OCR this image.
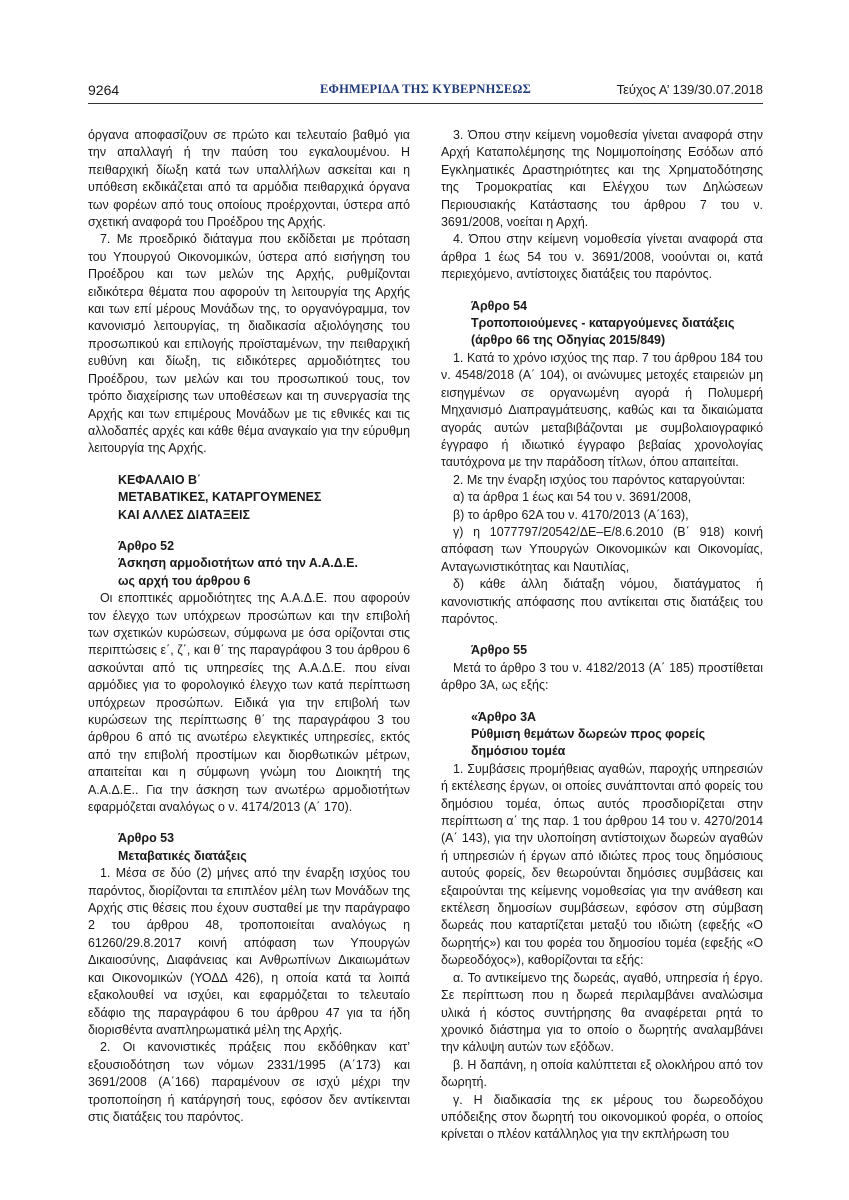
9264	ΕΦΗΜΕΡΙΔΑ ΤΗΣ ΚΥΒΕΡΝΗΣΕΩΣ	Τεύχος Α’ 139/30.07.2018

όργανα αποφασίζουν σε πρώτο και τελευταίο βαθμό για την απαλλαγή ή την παύση του εγκαλουμένου. Η πειθαρχική δίωξη κατά των υπαλλήλων ασκείται και η υπόθεση εκδικάζεται από τα αρμόδια πειθαρχικά όργανα των φορέων από τους οποίους προέρχονται, ύστερα από σχετική αναφορά του Προέδρου της Αρχής.

7. Με προεδρικό διάταγμα που εκδίδεται με πρόταση του Υπουργού Οικονομικών, ύστερα από εισήγηση του Προέδρου και των μελών της Αρχής, ρυθμίζονται ειδικότερα θέματα που αφορούν τη λειτουργία της Αρχής και των επί μέρους Μονάδων της, το οργανόγραμμα, τον κανονισμό λειτουργίας, τη διαδικασία αξιολόγησης του προσωπικού και επιλογής προϊσταμένων, την πειθαρχική ευθύνη και δίωξη, τις ειδικότερες αρμοδιότητες του Προέδρου, των μελών και του προσωπικού τους, τον τρόπο διαχείρισης των υποθέσεων και τη συνεργασία της Αρχής και των επιμέρους Μονάδων με τις εθνικές και τις αλλοδαπές αρχές και κάθε θέμα αναγκαίο για την εύρυθμη λειτουργία της Αρχής.

ΚΕΦΑΛΑΙΟ Β΄
ΜΕΤΑΒΑΤΙΚΕΣ, ΚΑΤΑΡΓΟΥΜΕΝΕΣ
ΚΑΙ ΑΛΛΕΣ ΔΙΑΤΑΞΕΙΣ
Άρθρο 52
Άσκηση αρμοδιοτήτων από την Α.Α.Δ.Ε.
ως αρχή του άρθρου 6

Οι εποπτικές αρμοδιότητες της Α.Α.Δ.Ε. που αφορούν τον έλεγχο των υπόχρεων προσώπων και την επιβολή των σχετικών κυρώσεων, σύμφωνα με όσα ορίζονται στις περιπτώσεις ε΄, ζ΄, και θ΄ της παραγράφου 3 του άρθρου 6 ασκούνται από τις υπηρεσίες της Α.Α.Δ.Ε. που είναι αρμόδιες για το φορολογικό έλεγχο των κατά περίπτωση υπόχρεων προσώπων. Ειδικά για την επιβολή των κυρώσεων της περίπτωσης θ΄ της παραγράφου 3 του άρθρου 6 από τις ανωτέρω ελεγκτικές υπηρεσίες, εκτός από την επιβολή προστίμων και διορθωτικών μέτρων, απαιτείται και η σύμφωνη γνώμη του Διοικητή της Α.Α.Δ.Ε.. Για την άσκηση των ανωτέρω αρμοδιοτήτων εφαρμόζεται αναλόγως ο ν. 4174/2013 (Α΄ 170).

Άρθρο 53
Μεταβατικές διατάξεις

1. Μέσα σε δύο (2) μήνες από την έναρξη ισχύος του παρόντος, διορίζονται τα επιπλέον μέλη των Μονάδων της Αρχής στις θέσεις που έχουν συσταθεί με την παράγραφο 2 του άρθρου 48, τροποποιείται αναλόγως η 61260/29.8.2017 κοινή απόφαση των Υπουργών Δικαιοσύνης, Διαφάνειας και Ανθρωπίνων Δικαιωμάτων και Οικονομικών (ΥΟΔΔ 426), η οποία κατά τα λοιπά εξακολουθεί να ισχύει, και εφαρμόζεται το τελευταίο εδάφιο της παραγράφου 6 του άρθρου 47 για τα ήδη διορισθέντα αναπληρωματικά μέλη της Αρχής.

2. Οι κανονιστικές πράξεις που εκδόθηκαν κατ’ εξουσιοδότηση των νόμων 2331/1995 (Α΄173) και 3691/2008 (Α΄166) παραμένουν σε ισχύ μέχρι την τροποποίηση ή κατάργησή τους, εφόσον δεν αντίκεινται στις διατάξεις του παρόντος.

3. Όπου στην κείμενη νομοθεσία γίνεται αναφορά στην Αρχή Καταπολέμησης της Νομιμοποίησης Εσόδων από Εγκληματικές Δραστηριότητες και της Χρηματοδότησης της Τρομοκρατίας και Ελέγχου των Δηλώσεων Περιουσιακής Κατάστασης του άρθρου 7 του ν. 3691/2008, νοείται η Αρχή.

4. Όπου στην κείμενη νομοθεσία γίνεται αναφορά στα άρθρα 1 έως 54 του ν. 3691/2008, νοούνται οι, κατά περιεχόμενο, αντίστοιχες διατάξεις του παρόντος.

Άρθρο 54
Τροποποιούμενες - καταργούμενες διατάξεις
(άρθρο 66 της Οδηγίας 2015/849)

1. Κατά το χρόνο ισχύος της παρ. 7 του άρθρου 184 του ν. 4548/2018 (Α΄ 104), οι ανώνυμες μετοχές εταιρειών μη εισηγμένων σε οργανωμένη αγορά ή Πολυμερή Μηχανισμό Διαπραγμάτευσης, καθώς και τα δικαιώματα αγοράς αυτών μεταβιβάζονται με συμβολαιογραφικό έγγραφο ή ιδιωτικό έγγραφο βεβαίας χρονολογίας ταυτόχρονα με την παράδοση τίτλων, όπου απαιτείται.

2. Με την έναρξη ισχύος του παρόντος καταργούνται:

α) τα άρθρα 1 έως και 54 του ν. 3691/2008,

β) το άρθρο 62Α του ν. 4170/2013 (Α΄163),

γ) η 1077797/20542/ΔΕ–Ε/8.6.2010 (Β΄ 918) κοινή απόφαση των Υπουργών Οικονομικών και Οικονομίας, Ανταγωνιστικότητας και Ναυτιλίας,

δ) κάθε άλλη διάταξη νόμου, διατάγματος ή κανονιστικής απόφασης που αντίκειται στις διατάξεις του παρόντος.

Άρθρο 55

Μετά το άρθρο 3 του ν. 4182/2013 (Α΄ 185) προστίθεται άρθρο 3Α, ως εξής:

«Άρθρο 3Α
Ρύθμιση θεμάτων δωρεών προς φορείς
δημόσιου τομέα

1. Συμβάσεις προμήθειας αγαθών, παροχής υπηρεσιών ή εκτέλεσης έργων, οι οποίες συνάπτονται από φορείς του δημόσιου τομέα, όπως αυτός προσδιορίζεται στην περίπτωση α΄ της παρ. 1 του άρθρου 14 του ν. 4270/2014 (Α΄ 143), για την υλοποίηση αντίστοιχων δωρεών αγαθών ή υπηρεσιών ή έργων από ιδιώτες προς τους δημόσιους αυτούς φορείς, δεν θεωρούνται δημόσιες συμβάσεις και εξαιρούνται της κείμενης νομοθεσίας για την ανάθεση και εκτέλεση δημοσίων συμβάσεων, εφόσον στη σύμβαση δωρεάς που καταρτίζεται μεταξύ του ιδιώτη (εφεξής «Ο δωρητής») και του φορέα του δημοσίου τομέα (εφεξής «Ο δωρεοδόχος»), καθορίζονται τα εξής:

α. Το αντικείμενο της δωρεάς, αγαθό, υπηρεσία ή έργο. Σε περίπτωση που η δωρεά περιλαμβάνει αναλώσιμα υλικά ή κόστος συντήρησης θα αναφέρεται ρητά το χρονικό διάστημα για το οποίο ο δωρητής αναλαμβάνει την κάλυψη αυτών των εξόδων.

β. Η δαπάνη, η οποία καλύπτεται εξ ολοκλήρου από τον δωρητή.

γ. Η διαδικασία της εκ μέρους του δωρεοδόχου υπόδειξης στον δωρητή του οικονομικού φορέα, ο οποίος κρίνεται ο πλέον κατάλληλος για την εκπλήρωση του
